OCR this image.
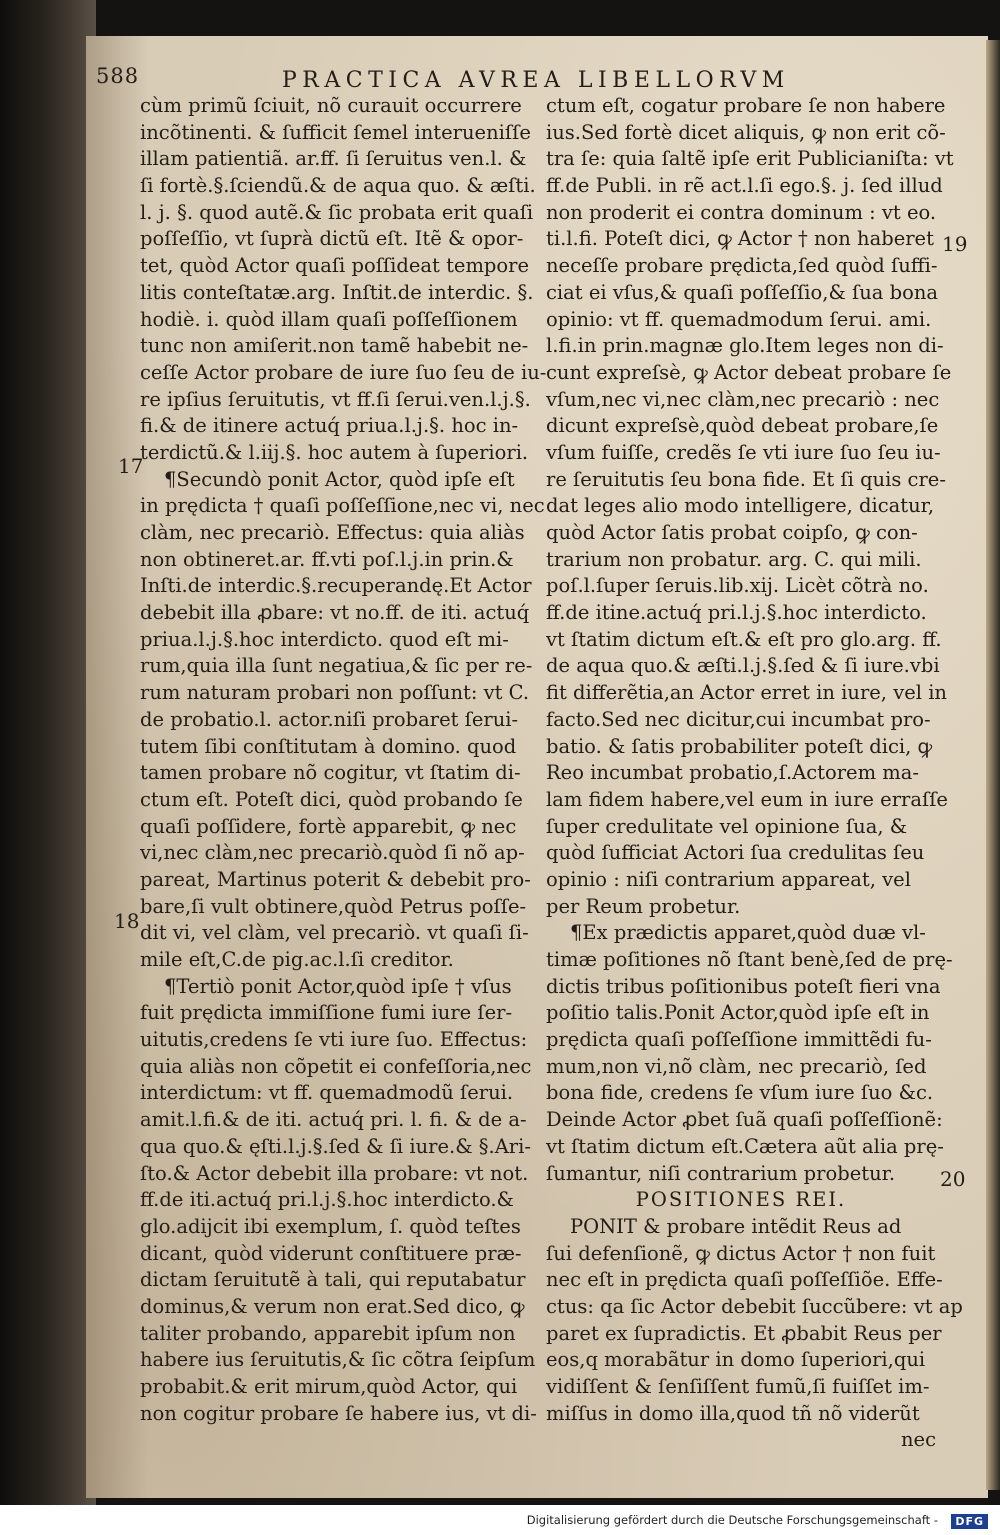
588	PRACTICA AVREA LIBELLORVM
cùm primũ ſciuit, nõ curauit occurrere
incõtinenti. & ſufficit ſemel interueniſſe
illam patientiã. ar.ff. ſi ſeruitus ven.l. &
ſi fortè.§.ſciendũ.& de aqua quo. & æſti.
l. j. §. quod autẽ.& ſic probata erit quaſi
poſſeſſio, vt ſuprà dictũ eſt. Itẽ & opor-
tet, quòd Actor quaſi poſſideat tempore
litis conteſtatæ.arg. Inſtit.de interdic. §.
hodiè. i. quòd illam quaſi poſſeſſionem
tunc non amiſerit.non tamẽ habebit ne-
ceſſe Actor probare de iure ſuo ſeu de iu-
re ipſius ſeruitutis, vt ff.ſi ſerui.ven.l.j.§.
fi.& de itinere actuq́ priua.l.j.§. hoc in-
terdictũ.& l.iij.§. hoc autem à ſuperiori.
¶Secundò ponit Actor, quòd ipſe eſt
in prędicta † quaſi poſſeſſione,nec vi, nec
clàm, nec precariò. Effectus: quia aliàs
non obtineret.ar. ff.vti poſ.l.j.in prin.&
Inſti.de interdic.§.recuperandę.Et Actor
debebit illa ꝓbare: vt no.ff. de iti. actuq́
priua.l.j.§.hoc interdicto. quod eſt mi-
rum,quia illa ſunt negatiua,& ſic per re-
rum naturam probari non poſſunt: vt C.
de probatio.l. actor.niſi probaret ſerui-
tutem ſibi conſtitutam à domino. quod
tamen probare nõ cogitur, vt ſtatim di-
ctum eſt. Poteſt dici, quòd probando ſe
quaſi poſſidere, fortè apparebit, ꝙ nec
vi,nec clàm,nec precariò.quòd ſi nõ ap-
pareat, Martinus poterit & debebit pro-
bare,ſi vult obtinere,quòd Petrus poſſe-
dit vi, vel clàm, vel precariò. vt quaſi ſi-
mile eſt,C.de pig.ac.l.ſi creditor.
¶Tertiò ponit Actor,quòd ipſe † vſus
fuit prędicta immiſſione fumi iure ſer-
uitutis,credens ſe vti iure ſuo. Effectus:
quia aliàs non cõpetit ei confeſſoria,nec
interdictum: vt ff. quemadmodũ ſerui.
amit.l.fi.& de iti. actuq́ pri. l. fi. & de a-
qua quo.& ęſti.l.j.§.ſed & ſi iure.& §.Ari-
ſto.& Actor debebit illa probare: vt not.
ff.de iti.actuq́ pri.l.j.§.hoc interdicto.&
glo.adijcit ibi exemplum, ſ. quòd teſtes
dicant, quòd viderunt conſtituere præ-
dictam ſeruitutẽ à tali, qui reputabatur
dominus,& verum non erat.Sed dico, ꝙ
taliter probando, apparebit ipſum non
habere ius ſeruitutis,& ſic cõtra ſeipſum
probabit.& erit mirum,quòd Actor, qui
non cogitur probare ſe habere ius, vt di-
ctum eſt, cogatur probare ſe non habere
ius.Sed fortè dicet aliquis, ꝙ non erit cõ-
tra ſe: quia ſaltẽ ipſe erit Publicianiſta: vt
ff.de Publi. in rẽ act.l.ſi ego.§. j. ſed illud
non proderit ei contra dominum : vt eo.
ti.l.fi. Poteſt dici, ꝙ Actor † non haberet
neceſſe probare prędicta,ſed quòd ſuffi-
ciat ei vſus,& quaſi poſſeſſio,& ſua bona
opinio: vt ff. quemadmodum ſerui. ami.
l.fi.in prin.magnæ glo.Item leges non di-
cunt expreſsè, ꝙ Actor debeat probare ſe
vſum,nec vi,nec clàm,nec precariò : nec
dicunt expreſsè,quòd debeat probare,ſe
vſum fuiſſe, credẽs ſe vti iure ſuo ſeu iu-
re ſeruitutis ſeu bona fide. Et ſi quis cre-
dat leges alio modo intelligere, dicatur,
quòd Actor ſatis probat coipſo, ꝙ con-
trarium non probatur. arg. C. qui mili.
poſ.l.ſuper ſeruis.lib.xij. Licèt cõtrà no.
ff.de itine.actuq́ pri.l.j.§.hoc interdicto.
vt ſtatim dictum eſt.& eſt pro glo.arg. ff.
de aqua quo.& æſti.l.j.§.ſed & ſi iure.vbi
fit differẽtia,an Actor erret in iure, vel in
facto.Sed nec dicitur,cui incumbat pro-
batio. & ſatis probabiliter poteſt dici, ꝙ
Reo incumbat probatio,ſ.Actorem ma-
lam fidem habere,vel eum in iure erraſſe
ſuper credulitate vel opinione ſua, &
quòd ſufficiat Actori ſua credulitas ſeu
opinio : niſi contrarium appareat, vel
per Reum probetur.
¶Ex prædictis apparet,quòd duæ vl-
timæ poſitiones nõ ſtant benè,ſed de prę-
dictis tribus poſitionibus poteſt fieri vna
poſitio talis.Ponit Actor,quòd ipſe eſt in
prędicta quaſi poſſeſſione immittẽdi fu-
mum,non vi,nõ clàm, nec precariò, ſed
bona fide, credens ſe vſum iure ſuo &c.
Deinde Actor ꝓbet ſuã quaſi poſſeſſionẽ:
vt ſtatim dictum eſt.Cætera aũt alia prę-
ſumantur, niſi contrarium probetur.
POSITIONES REI.
PONIT & probare intẽdit Reus ad
ſui defenſionẽ, ꝙ dictus Actor † non fuit
nec eſt in prędicta quaſi poſſeſſiõe. Effe-
ctus: qa ſic Actor debebit ſuccũbere: vt ap
paret ex ſupradictis. Et ꝓbabit Reus per
eos,q morabãtur in domo ſuperiori,qui
vidiſſent & ſenſiſſent fumũ,ſi fuiſſet im-
miſſus in domo illa,quod tñ nõ viderũt
nec
17
18
19
20
Digitalisierung gefördert durch die Deutsche Forschungsgemeinschaft -	DFG
